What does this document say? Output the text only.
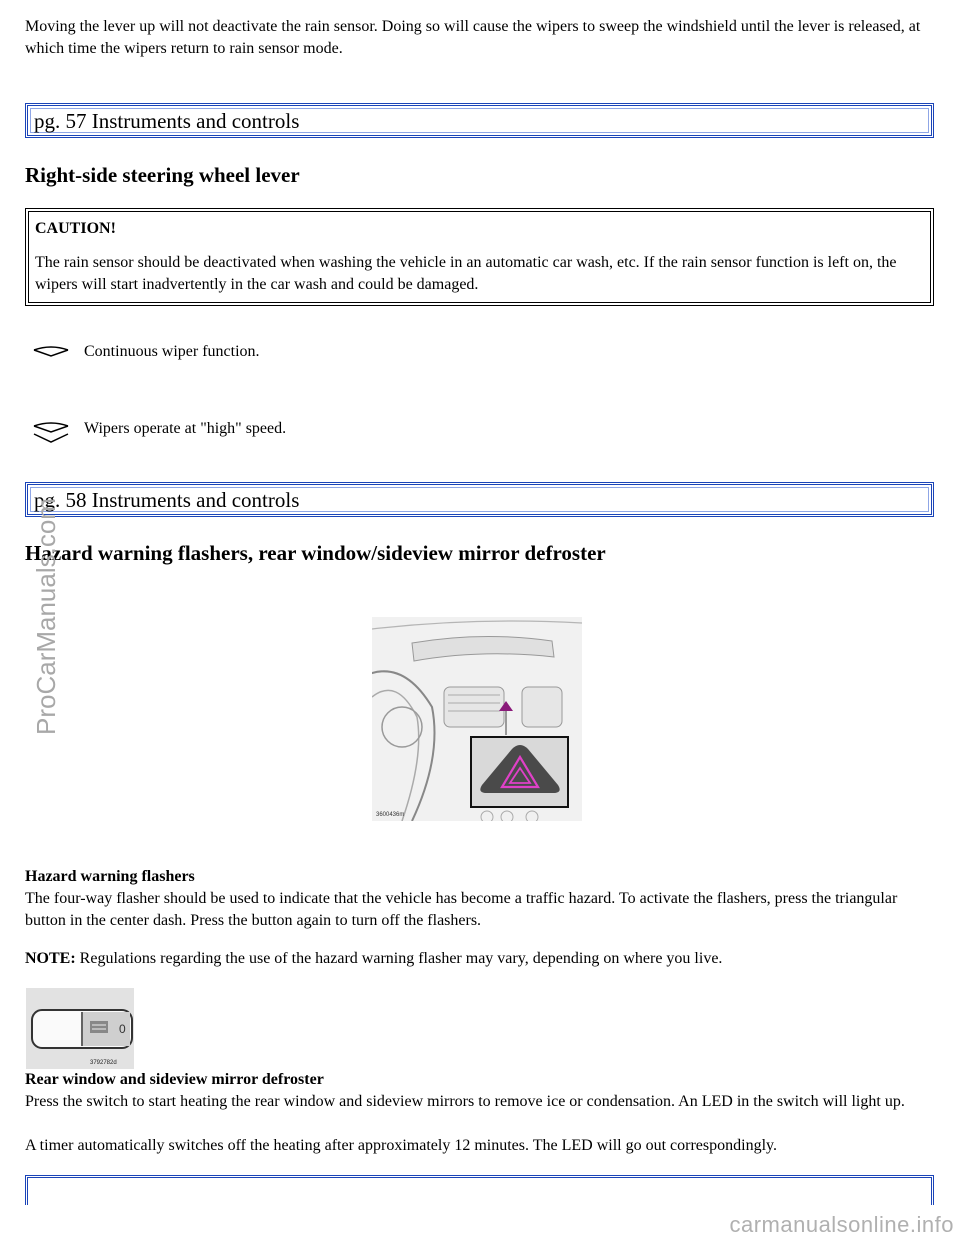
Moving the lever up will not deactivate the rain sensor. Doing so will cause the wipers to sweep the windshield until the lever is released, at which time the wipers return to rain sensor mode.

pg. 57 Instruments and controls
Right-side steering wheel lever
CAUTION!
The rain sensor should be deactivated when washing the vehicle in an automatic car wash, etc. If the rain sensor function is left on, the wipers will start inadvertently in the car wash and could be damaged.
Continuous wiper function.
Wipers operate at "high" speed.
pg. 58 Instruments and controls
Hazard warning flashers, rear window/sideview mirror defroster
3600436m
Hazard warning flashers

The four-way flasher should be used to indicate that the vehicle has become a traffic hazard. To activate the flashers, press the triangular button in the center dash. Press the button again to turn off the flashers.

NOTE: Regulations regarding the use of the hazard warning flasher may vary, depending on where you live.

0
3792782d
Rear window and sideview mirror defroster

Press the switch to start heating the rear window and sideview mirrors to remove ice or condensation. An LED in the switch will light up.

A timer automatically switches off the heating after approximately 12 minutes. The LED will go out correspondingly.

ProCarManuals.com
carmanualsonline.info
